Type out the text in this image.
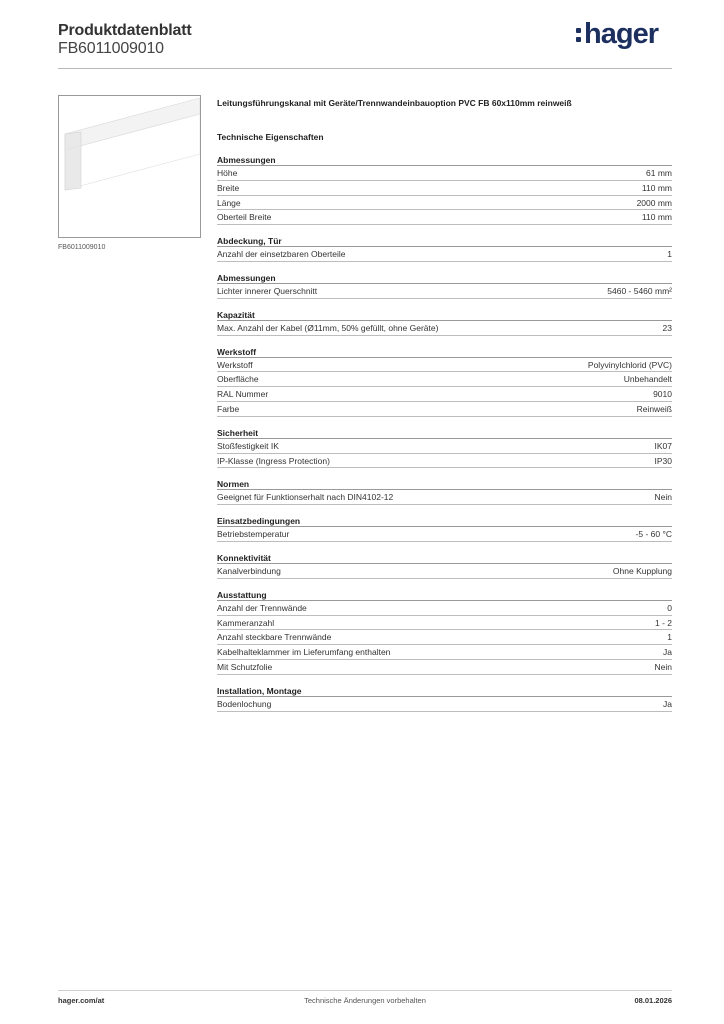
Produktdatenblatt
FB6011009010	hager
FB6011009010
Leitungsführungskanal mit Geräte/Trennwandeinbauoption PVC FB 60x110mm reinweiß
Technische Eigenschaften
Abmessungen
Höhe	61 mm
Breite	110 mm
Länge	2000 mm
Oberteil Breite	110 mm
Abdeckung, Tür
Anzahl der einsetzbaren Oberteile	1
Abmessungen
Lichter innerer Querschnitt	5460 - 5460 mm²
Kapazität
Max. Anzahl der Kabel (Ø11mm, 50% gefüllt, ohne Geräte)	23
Werkstoff
Werkstoff	Polyvinylchlorid (PVC)
Oberfläche	Unbehandelt
RAL Nummer	9010
Farbe	Reinweiß
Sicherheit
Stoßfestigkeit IK	IK07
IP-Klasse (Ingress Protection)	IP30
Normen
Geeignet für Funktionserhalt nach DIN4102-12	Nein
Einsatzbedingungen
Betriebstemperatur	-5 - 60 °C
Konnektivität
Kanalverbindung	Ohne Kupplung
Ausstattung
Anzahl der Trennwände	0
Kammeranzahl	1 - 2
Anzahl steckbare Trennwände	1
Kabelhalteklammer im Lieferumfang enthalten	Ja
Mit Schutzfolie	Nein
Installation, Montage
Bodenlochung	Ja
hager.com/at	Technische Änderungen vorbehalten	08.01.2026
